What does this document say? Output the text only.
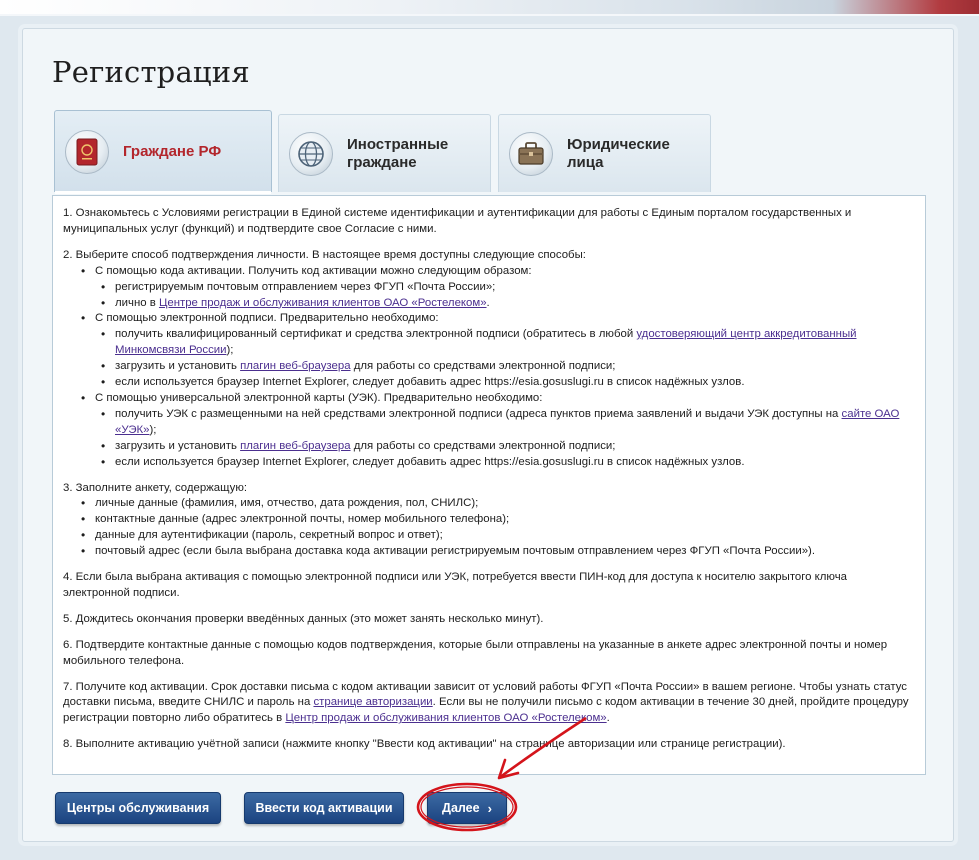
Регистрация
Граждане РФ	Иностранные граждане
Юридические лица

1. Ознакомьтесь с Условиями регистрации в Единой системе идентификации и аутентификации для работы с Единым порталом государственных и муниципальных услуг (функций) и подтвердите свое Согласие с ними.

2. Выберите способ подтверждения личности. В настоящее время доступны следующие способы:
• С помощью кода активации. Получить код активации можно следующим образом:
• регистрируемым почтовым отправлением через ФГУП «Почта России»;
• лично в Центре продаж и обслуживания клиентов ОАО «Ростелеком».
• С помощью электронной подписи. Предварительно необходимо:
• получить квалифицированный сертификат и средства электронной подписи (обратитесь в любой удостоверяющий центр аккредитованный Минкомсвязи России);
• загрузить и установить плагин веб-браузера для работы со средствами электронной подписи;
• если используется браузер Internet Explorer, следует добавить адрес https://esia.gosuslugi.ru в список надёжных узлов.
• С помощью универсальной электронной карты (УЭК). Предварительно необходимо:
• получить УЭК с размещенными на ней средствами электронной подписи (адреса пунктов приема заявлений и выдачи УЭК доступны на сайте ОАО «УЭК»);
• загрузить и установить плагин веб-браузера для работы со средствами электронной подписи;
• если используется браузер Internet Explorer, следует добавить адрес https://esia.gosuslugi.ru в список надёжных узлов.
3. Заполните анкету, содержащую:
• личные данные (фамилия, имя, отчество, дата рождения, пол, СНИЛС);
• контактные данные (адрес электронной почты, номер мобильного телефона);
• данные для аутентификации (пароль, секретный вопрос и ответ);
• почтовый адрес (если была выбрана доставка кода активации регистрируемым почтовым отправлением через ФГУП «Почта России»).

4. Если была выбрана активация с помощью электронной подписи или УЭК, потребуется ввести ПИН-код для доступа к носителю закрытого ключа электронной подписи.

5. Дождитесь окончания проверки введённых данных (это может занять несколько минут).

6. Подтвердите контактные данные с помощью кодов подтверждения, которые были отправлены на указанные в анкете адрес электронной почты и номер мобильного телефона.

7. Получите код активации. Срок доставки письма с кодом активации зависит от условий работы ФГУП «Почта России» в вашем регионе. Чтобы узнать статус доставки письма, введите СНИЛС и пароль на странице авторизации. Если вы не получили письмо с кодом активации в течение 30 дней, пройдите процедуру регистрации повторно либо обратитесь в Центр продаж и обслуживания клиентов ОАО «Ростелеком».

8. Выполните активацию учётной записи (нажмите кнопку "Ввести код активации" на странице авторизации или странице регистрации).

Центры обслуживания	Ввести код активации	Далее ›
